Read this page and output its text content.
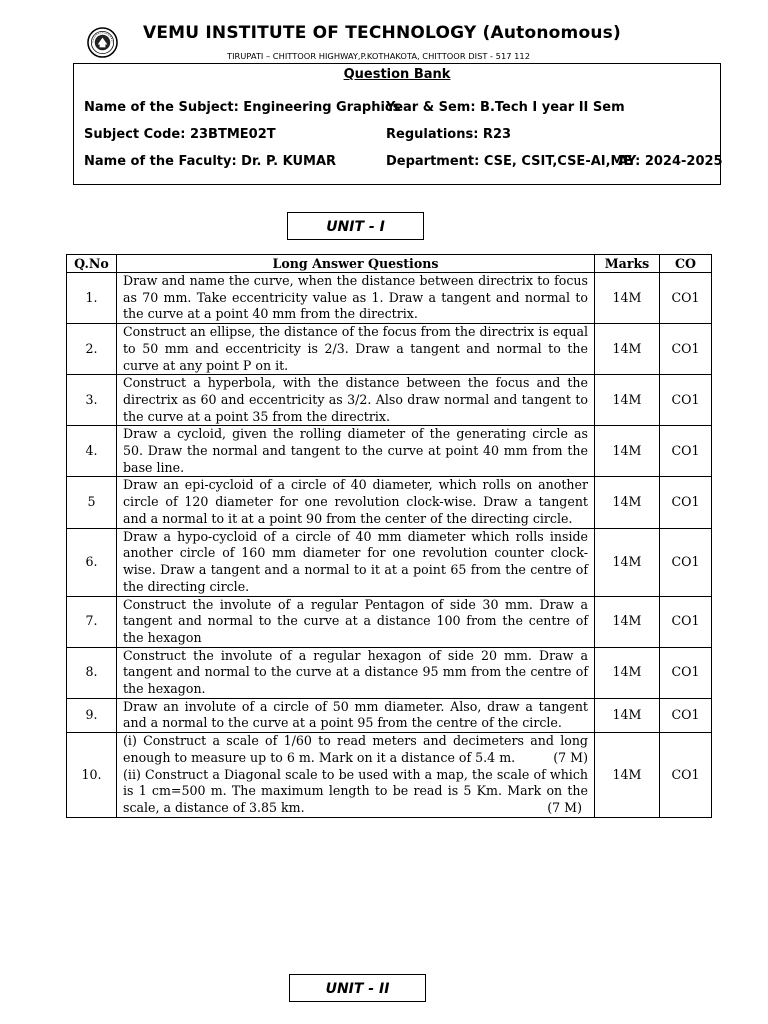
VEMU INSTITUTE OF TECHNOLOGY (Autonomous)
TIRUPATI – CHITTOOR HIGHWAY,P.KOTHAKOTA, CHITTOOR DIST - 517 112
Question Bank
Name of the Subject: Engineering Graphics
Year & Sem: B.Tech I year II Sem
Subject Code: 23BTME02T	Regulations: R23
Name of the Faculty: Dr. P. KUMAR	Department: CSE, CSIT,CSE-AI,ME
AY: 2024-2025
UNIT - I
Q.No	Long Answer Questions	Marks	CO
1.	Draw and name the curve, when the distance between directrix to focus as 70 mm. Take eccentricity value as 1. Draw a tangent and normal to the curve at a point 40 mm from the directrix.	14M	CO1
2.	Construct an ellipse, the distance of the focus from the directrix is equal to 50 mm and eccentricity is 2/3. Draw a tangent and normal to the curve at any point P on it.	14M	CO1
3.	Construct a hyperbola, with the distance between the focus and the directrix as 60 and eccentricity as 3/2. Also draw normal and tangent to the curve at a point 35 from the directrix.	14M	CO1
4.	Draw a cycloid, given the rolling diameter of the generating circle as 50. Draw the normal and tangent to the curve at point 40 mm from the base line.	14M	CO1
5	Draw an epi-cycloid of a circle of 40 diameter, which rolls on another circle of 120 diameter for one revolution clock-wise. Draw a tangent and a normal to it at a point 90 from the center of the directing circle.	14M	CO1
6.	Draw a hypo-cycloid of a circle of 40 mm diameter which rolls inside another circle of 160 mm diameter for one revolution counter clock-wise. Draw a tangent and a normal to it at a point 65 from the centre of the directing circle.	14M	CO1
7.	Construct the involute of a regular Pentagon of side 30 mm. Draw a tangent and normal to the curve at a distance 100 from the centre of the hexagon	14M	CO1
8.	Construct the involute of a regular hexagon of side 20 mm. Draw a tangent and normal to the curve at a distance 95 mm from the centre of the hexagon.	14M	CO1
9.	Draw an involute of a circle of 50 mm diameter. Also, draw a tangent and a normal to the curve at a point 95 from the centre of the circle.	14M	CO1
10.	(i) Construct a scale of 1/60 to read meters and decimeters and long enough to measure up to 6 m. Mark on it a distance of 5.4 m. (7 M)
(ii) Construct a Diagonal scale to be used with a map, the scale of which is 1 cm=500 m. The maximum length to be read is 5 Km. Mark on the scale, a distance of 3.85 km. (7 M)	14M	CO1
UNIT - II
